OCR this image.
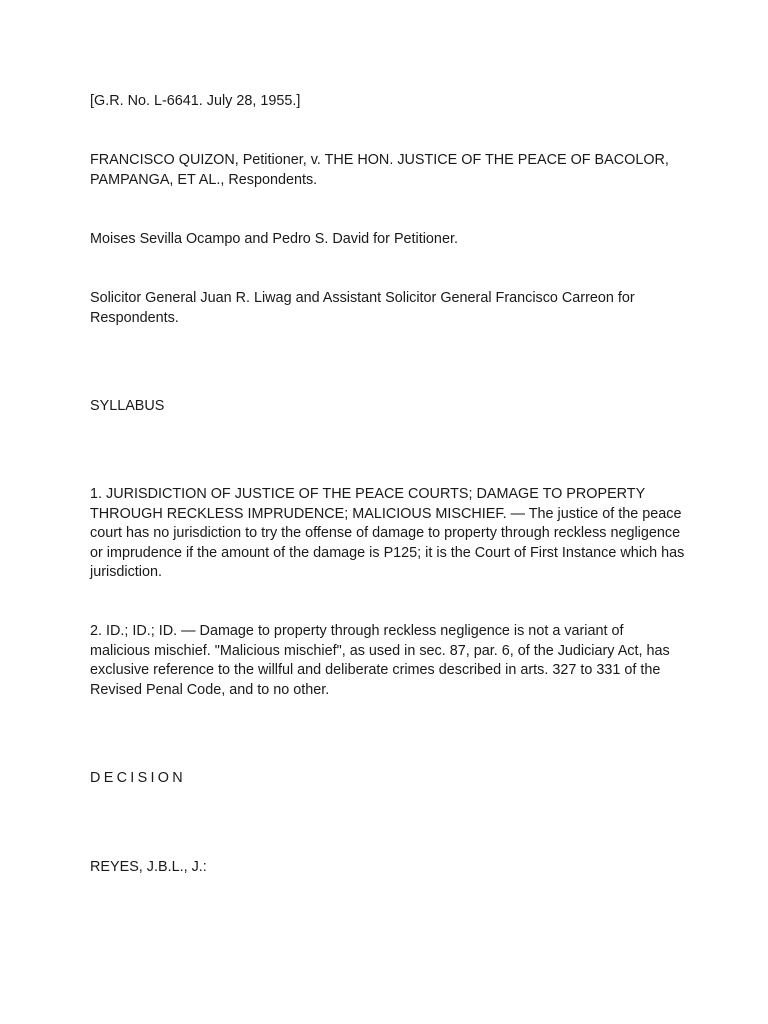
[G.R. No. L-6641. July 28, 1955.]

FRANCISCO QUIZON, Petitioner, v. THE HON. JUSTICE OF THE PEACE OF BACOLOR, PAMPANGA, ET AL., Respondents.

Moises Sevilla Ocampo and Pedro S. David for Petitioner.

Solicitor General Juan R. Liwag and Assistant Solicitor General Francisco Carreon for Respondents.

SYLLABUS

1. JURISDICTION OF JUSTICE OF THE PEACE COURTS; DAMAGE TO PROPERTY THROUGH RECKLESS IMPRUDENCE; MALICIOUS MISCHIEF. — The justice of the peace court has no jurisdiction to try the offense of damage to property through reckless negligence or imprudence if the amount of the damage is P125; it is the Court of First Instance which has jurisdiction.

2. ID.; ID.; ID. — Damage to property through reckless negligence is not a variant of malicious mischief. "Malicious mischief", as used in sec. 87, par. 6, of the Judiciary Act, has exclusive reference to the willful and deliberate crimes described in arts. 327 to 331 of the Revised Penal Code, and to no other.

DECISION

REYES, J.B.L., J.:
